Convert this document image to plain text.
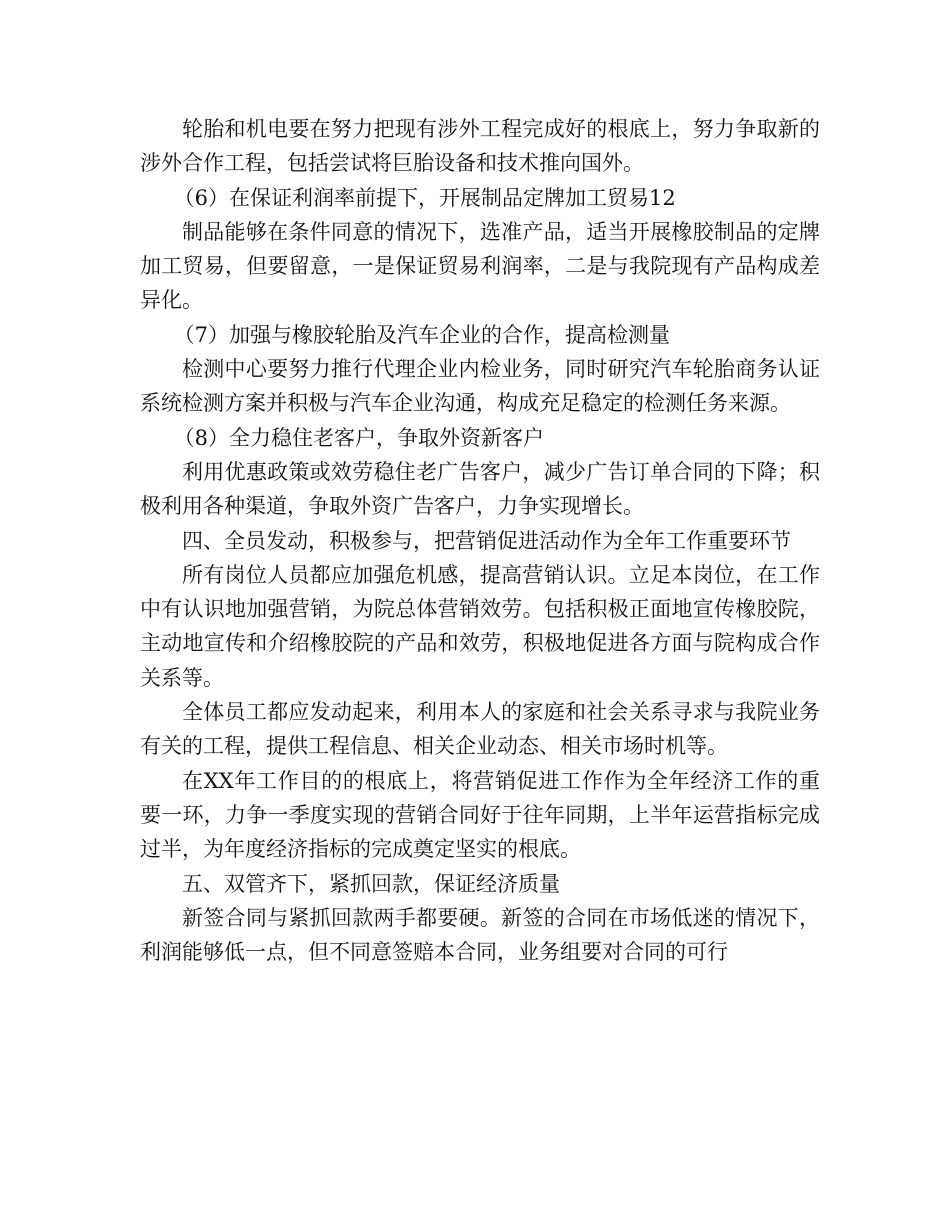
轮胎和机电要在努力把现有涉外工程完成好的根底上，努力争取新的涉外合作工程，包括尝试将巨胎设备和技术推向国外。

（6）在保证利润率前提下，开展制品定牌加工贸易12

制品能够在条件同意的情况下，选准产品，适当开展橡胶制品的定牌加工贸易，但要留意，一是保证贸易利润率，二是与我院现有产品构成差异化。

（7）加强与橡胶轮胎及汽车企业的合作，提高检测量

检测中心要努力推行代理企业内检业务，同时研究汽车轮胎商务认证系统检测方案并积极与汽车企业沟通，构成充足稳定的检测任务来源。

（8）全力稳住老客户，争取外资新客户

利用优惠政策或效劳稳住老广告客户，减少广告订单合同的下降；积极利用各种渠道，争取外资广告客户，力争实现增长。

四、全员发动，积极参与，把营销促进活动作为全年工作重要环节

所有岗位人员都应加强危机感，提高营销认识。立足本岗位，在工作中有认识地加强营销，为院总体营销效劳。包括积极正面地宣传橡胶院，主动地宣传和介绍橡胶院的产品和效劳，积极地促进各方面与院构成合作关系等。

全体员工都应发动起来，利用本人的家庭和社会关系寻求与我院业务有关的工程，提供工程信息、相关企业动态、相关市场时机等。

在XX年工作目的的根底上，将营销促进工作作为全年经济工作的重要一环，力争一季度实现的营销合同好于往年同期，上半年运营指标完成过半，为年度经济指标的完成奠定坚实的根底。

五、双管齐下，紧抓回款，保证经济质量

新签合同与紧抓回款两手都要硬。新签的合同在市场低迷的情况下，利润能够低一点，但不同意签赔本合同，业务组要对合同的可行
